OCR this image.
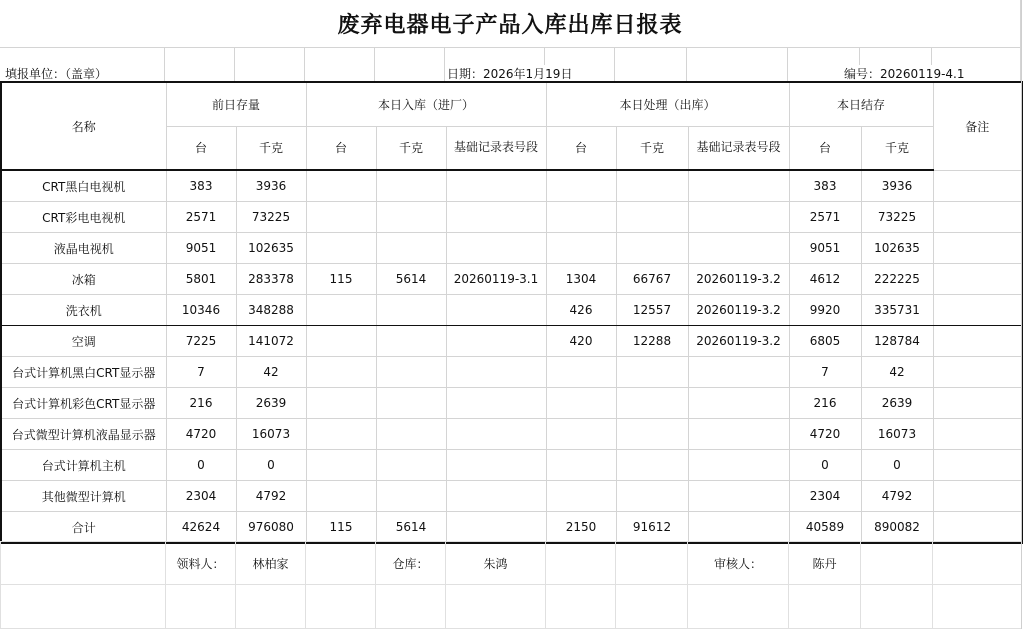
废弃电器电子产品入库出库日报表
填报单位：（盖章）	日期：2026年1月19日	编号：20260119-4.1
名称	前日存量		本日入库（进厂）			本日处理（出库）			本日结存		备注
	台	千克	台	千克	基础记录表号段	台	千克	基础记录表号段	台	千克	
CRT黑白电视机	383	3936							383	3936	
CRT彩电电视机	2571	73225							2571	73225	
液晶电视机	9051	102635							9051	102635	
冰箱	5801	283378	115	5614	20260119-3.1	1304	66767	20260119-3.2	4612	222225	
洗衣机	10346	348288				426	12557	20260119-3.2	9920	335731	
空调	7225	141072				420	12288	20260119-3.2	6805	128784	
台式计算机黑白CRT显示器	7	42							7	42	
台式计算机彩色CRT显示器	216	2639							216	2639	
台式微型计算机液晶显示器	4720	16073							4720	16073	
台式计算机主机	0	0							0	0	
其他微型计算机	2304	4792							2304	4792	
合计	42624	976080	115	5614		2150	91612		40589	890082	
	领料人：	林柏家		仓库：	朱鸿			审核人：	陈丹		
